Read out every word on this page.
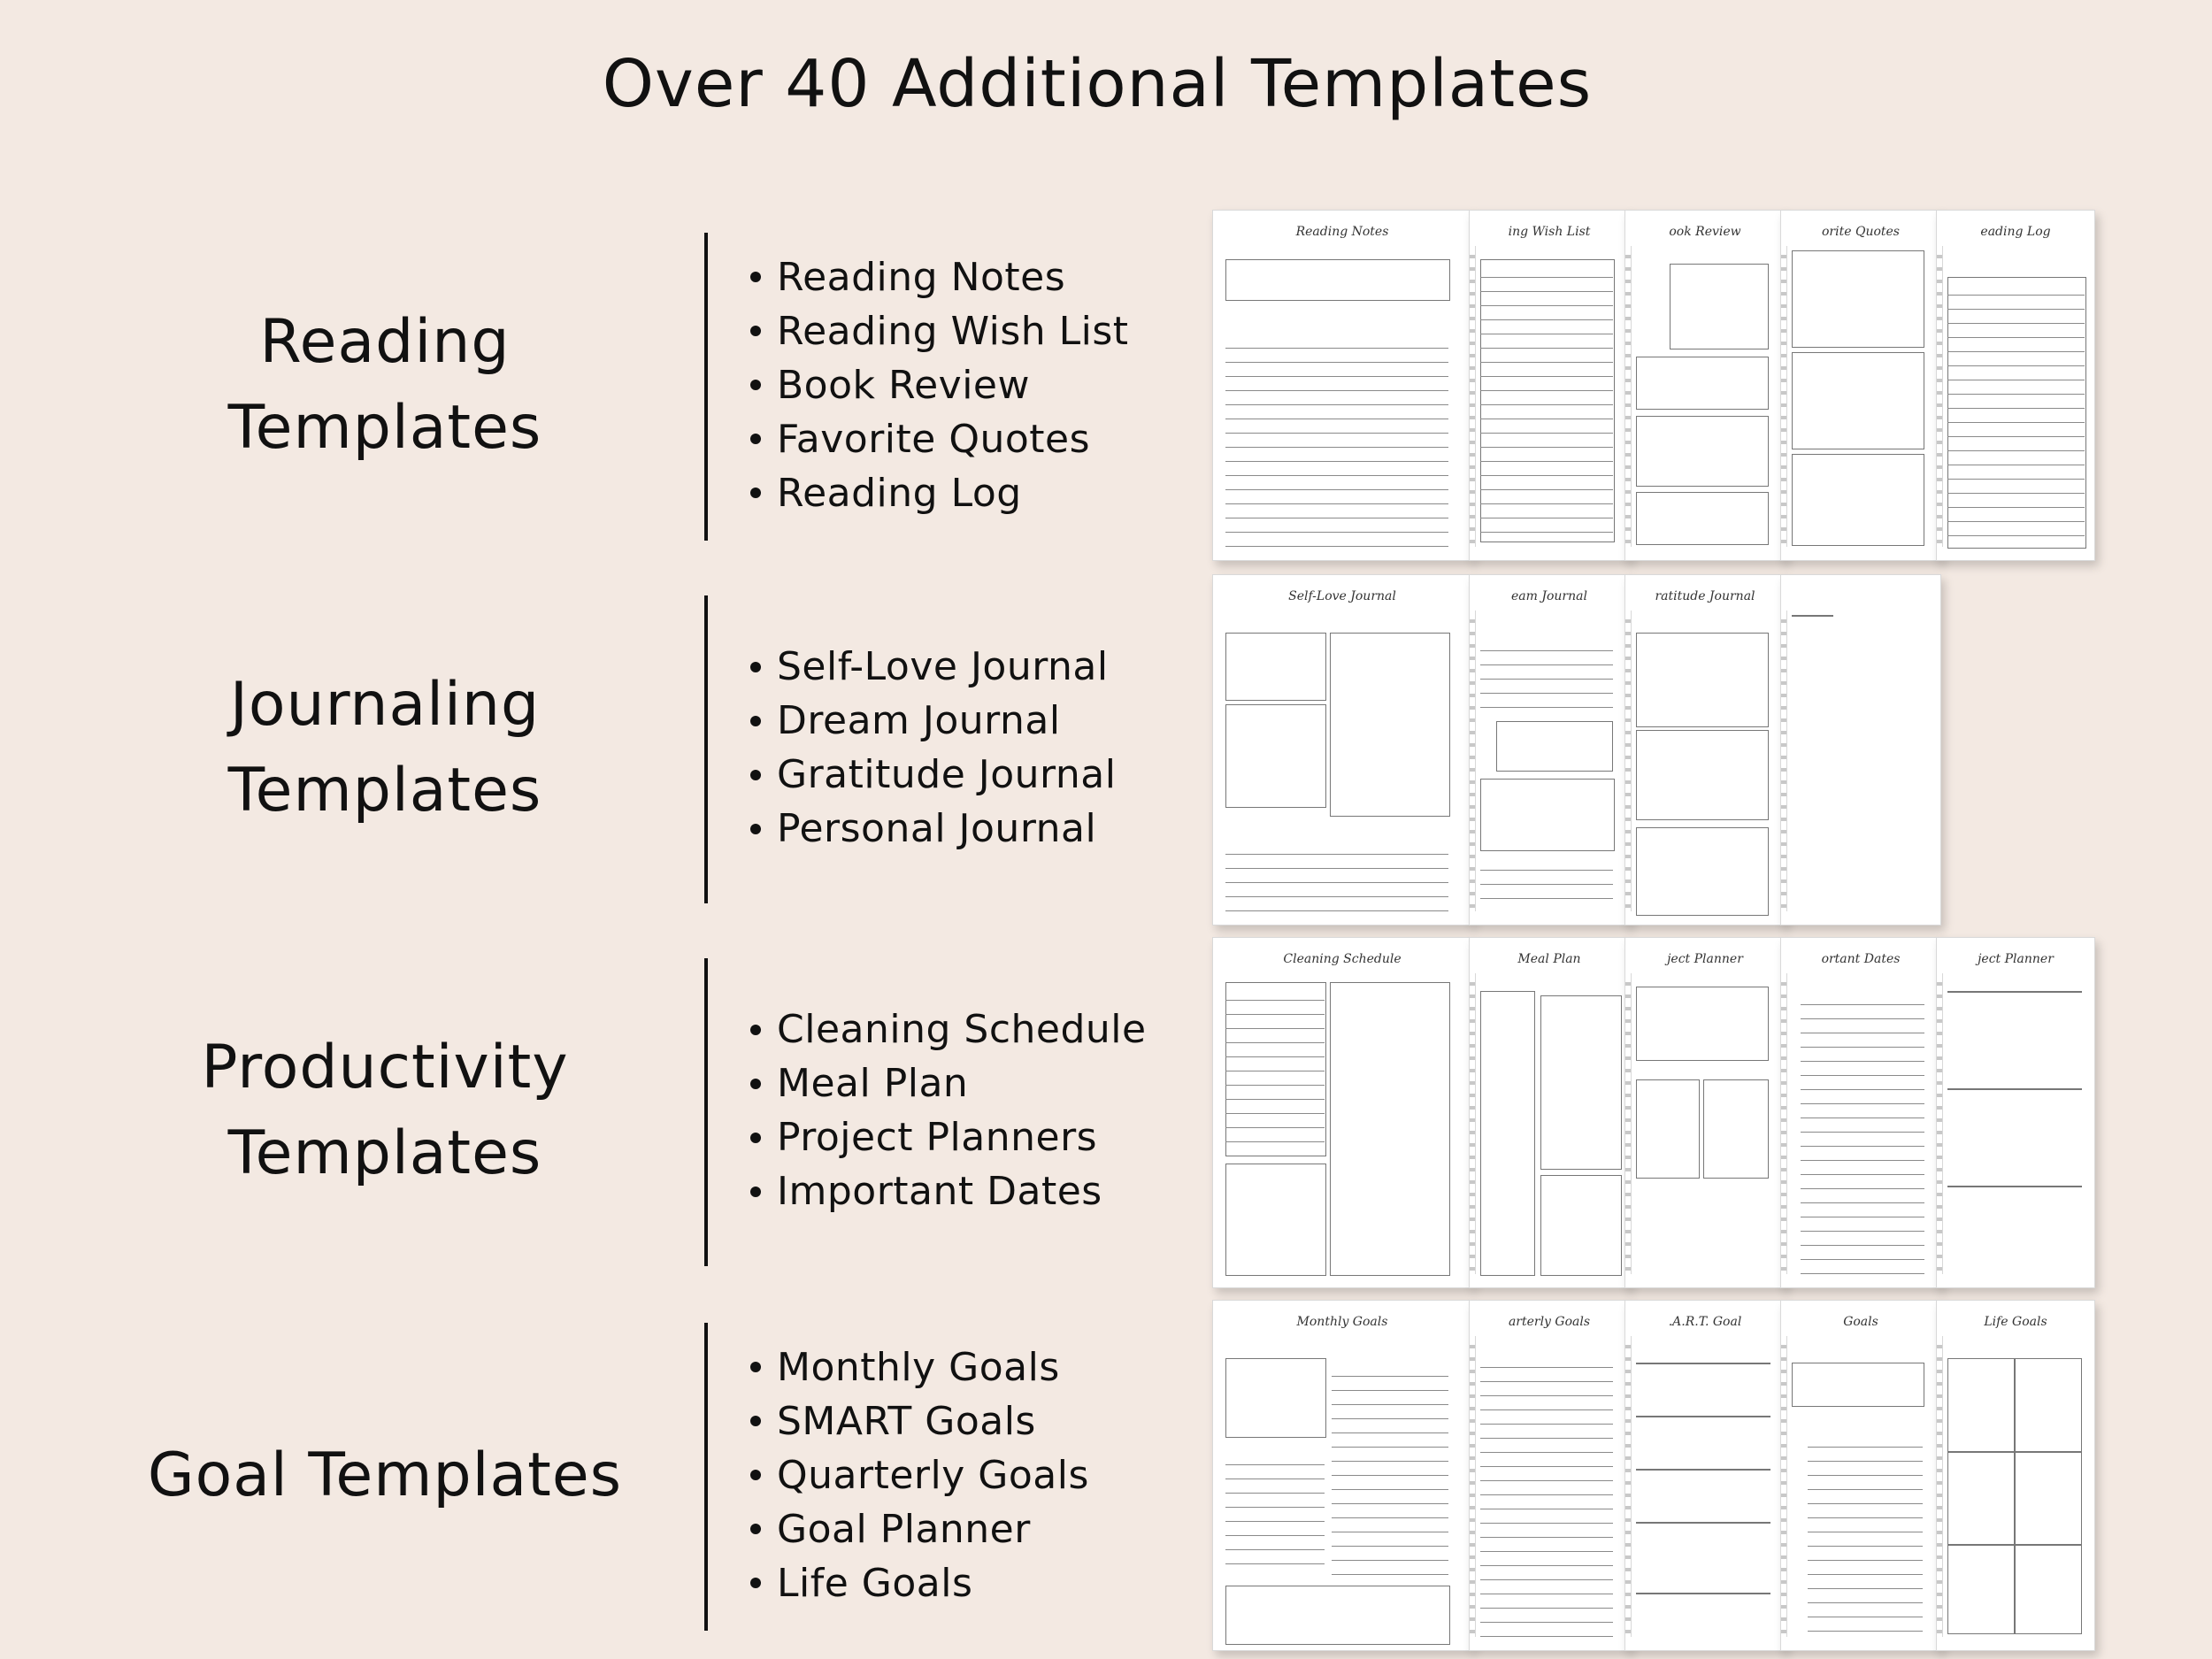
Over 40 Additional Templates
Reading
Templates
Reading Notes
Reading Wish List
Book Review
Favorite Quotes
Reading Log
Reading Notes	ing Wish List	ook Review	orite Quotes	eading Log
Journaling
Templates
Self-Love Journal
Dream Journal
Gratitude Journal
Personal Journal
Self-Love Journal	eam Journal	ratitude Journal
Productivity
Templates
Cleaning Schedule
Meal Plan
Project Planners
Important Dates
Cleaning Schedule	Meal Plan	ject Planner	ortant Dates	ject Planner
Goal Templates
Monthly Goals
SMART Goals
Quarterly Goals
Goal Planner
Life Goals
Monthly Goals	arterly Goals	.A.R.T. Goal	Goals	Life Goals
